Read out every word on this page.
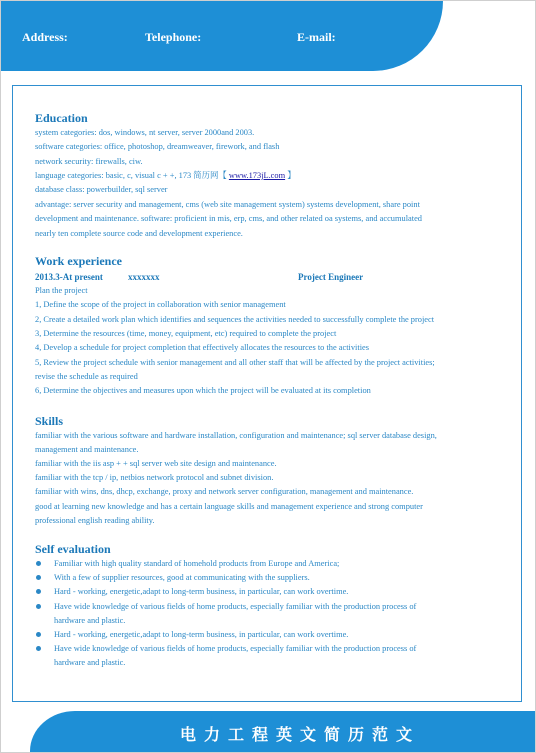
Address:	Telephone:	E-mail:
Education
system categories: dos, windows, nt server, server 2000and 2003.
software categories: office, photoshop, dreamweaver, firework, and flash
network security: firewalls, ciw.
language categories: basic, c, visual c + +, 173 简历网【 www.173jL.com 】
database class: powerbuilder, sql server
advantage: server security and management, cms (web site management system) systems development, share point
development and maintenance. software: proficient in mis, erp, cms, and other related oa systems, and accumulated
nearly ten complete source code and development experience.
Work experience
2013.3-At present	xxxxxxx	Project Engineer
Plan the project
1, Define the scope of the project in collaboration with senior management
2, Create a detailed work plan which identifies and sequences the activities needed to successfully complete the project
3, Determine the resources (time, money, equipment, etc) required to complete the project
4, Develop a schedule for project completion that effectively allocates the resources to the activities
5, Review the project schedule with senior management and all other staff that will be affected by the project activities;
revise the schedule as required
6, Determine the objectives and measures upon which the project will be evaluated at its completion
Skills
familiar with the various software and hardware installation, configuration and maintenance; sql server database design,
management and maintenance.
familiar with the iis asp + + sql server web site design and maintenance.
familiar with the tcp / ip, netbios network protocol and subnet division.
familiar with wins, dns, dhcp, exchange, proxy and network server configuration, management and maintenance.
good at learning new knowledge and has a certain language skills and management experience and strong computer
professional english reading ability.
Self evaluation
Familiar with high quality standard of homehold products from Europe and America;
With a few of supplier resources, good at communicating with the suppliers.
Hard - working, energetic,adapt to long-term business, in particular, can work overtime.
Have wide knowledge of various fields of home products, especially familiar with the production process of
hardware and plastic.
Hard - working, energetic,adapt to long-term business, in particular, can work overtime.
Have wide knowledge of various fields of home products, especially familiar with the production process of
hardware and plastic.
电力工程英文简历范文
